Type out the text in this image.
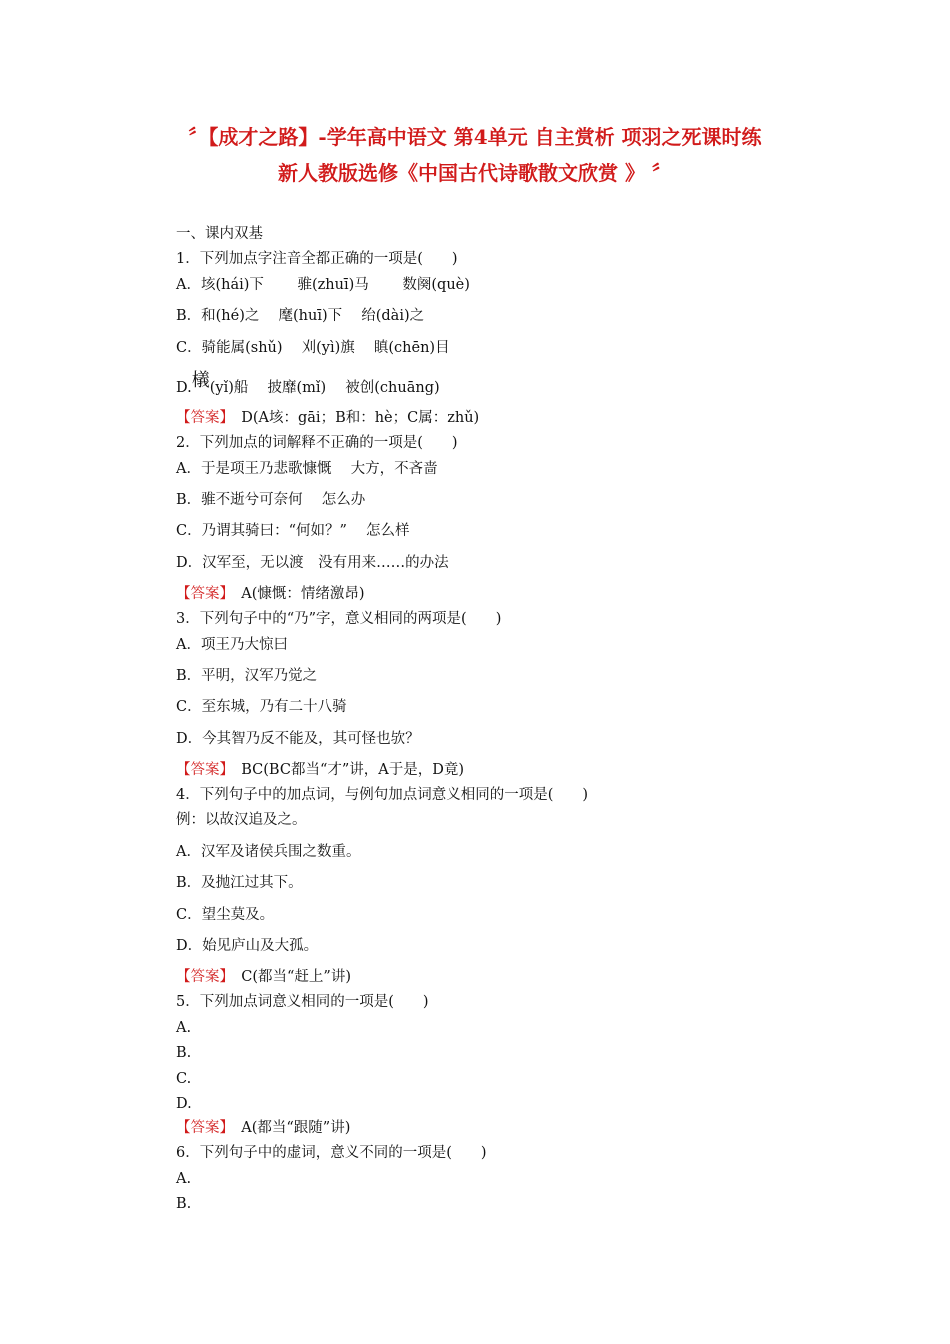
〞【成才之路】-学年高中语文 第4单元 自主赏析 项羽之死课时练
新人教版选修《中国古代诗歌散文欣赏 》 〞
一、课内双基
1．下列加点字注音全都正确的一项是(　　)
A．垓(hái)下　　 骓(zhuī)马　　 数阕(què)
B．和(hé)之　 麾(huī)下　 绐(dài)之
C．骑能属(shǔ)　 刈(yì)旗　 瞋(chēn)目
D.檥(yǐ)船　 披靡(mǐ)　 被创(chuāng)
【答案】　D(A垓：gāi；B和：hè；C属：zhǔ)
2．下列加点的词解释不正确的一项是(　　)
A．于是项王乃悲歌慷慨　 大方，不吝啬
B．骓不逝兮可奈何　 怎么办
C．乃谓其骑曰：“何如？”　 怎么样
D．汉军至，无以渡　没有用来……的办法
【答案】　A(慷慨：情绪激昂)
3．下列句子中的“乃”字，意义相同的两项是(　　)
A．项王乃大惊曰
B．平明，汉军乃觉之
C．至东城，乃有二十八骑
D．今其智乃反不能及，其可怪也欤？
【答案】　BC(BC都当“才”讲，A于是，D竟)
4．下列句子中的加点词，与例句加点词意义相同的一项是(　　)
例：以故汉追及之。
A．汉军及诸侯兵围之数重。
B．及抛江过其下。
C．望尘莫及。
D．始见庐山及大孤。
【答案】　C(都当“赶上”讲)
5．下列加点词意义相同的一项是(　　)
A.
B.
C.
D.
【答案】　A(都当“跟随”讲)
6．下列句子中的虚词，意义不同的一项是(　　)
A.
B.
